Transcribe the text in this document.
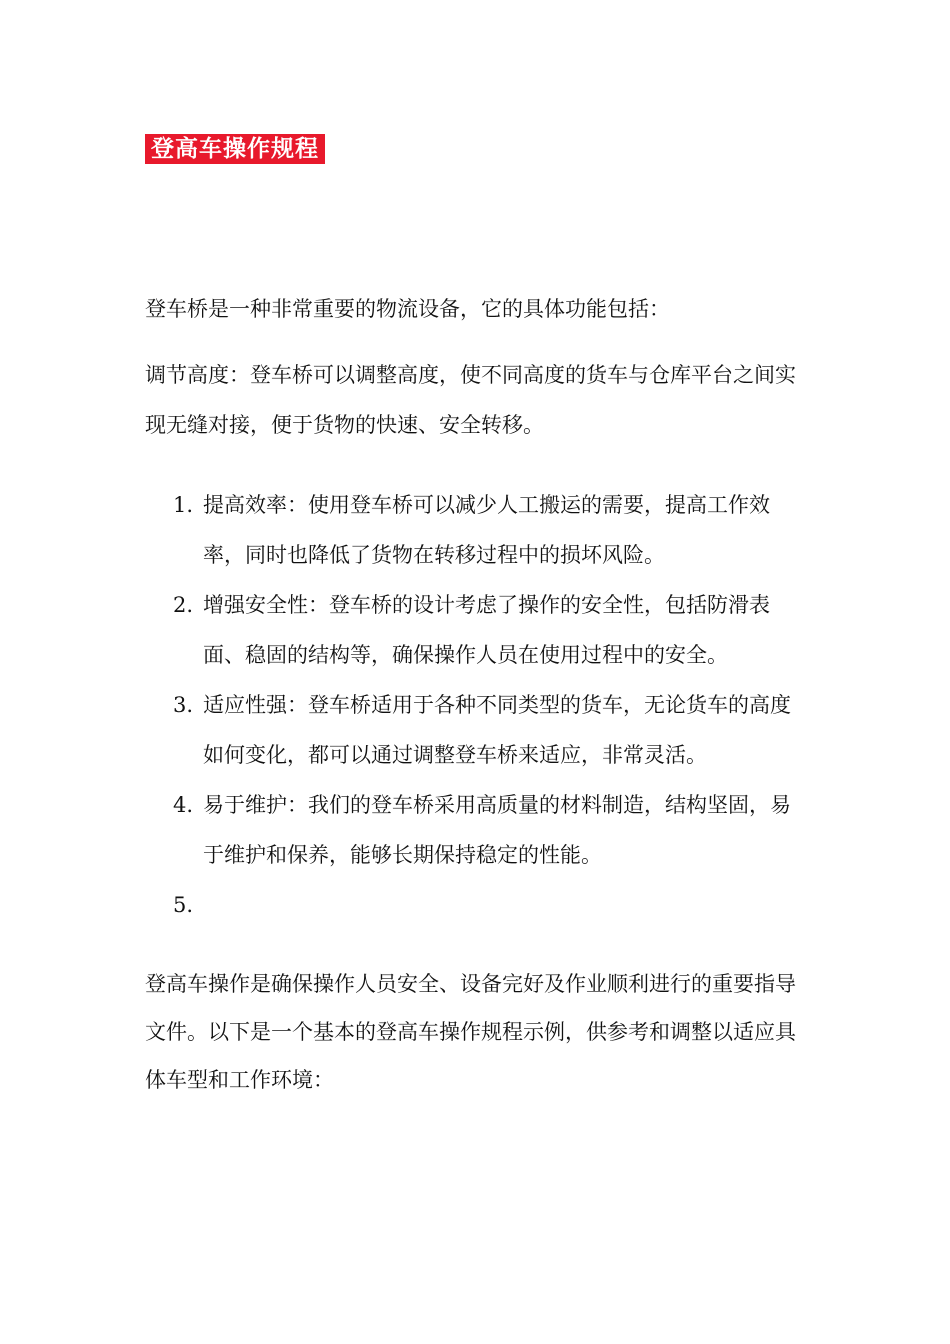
登高车操作规程

登车桥是一种非常重要的物流设备，它的具体功能包括：

调节高度：登车桥可以调整高度，使不同高度的货车与仓库平台之间实现无缝对接，便于货物的快速、安全转移。

1. 提高效率：使用登车桥可以减少人工搬运的需要，提高工作效率，同时也降低了货物在转移过程中的损坏风险。
2. 增强安全性：登车桥的设计考虑了操作的安全性，包括防滑表面、稳固的结构等，确保操作人员在使用过程中的安全。
3. 适应性强：登车桥适用于各种不同类型的货车，无论货车的高度如何变化，都可以通过调整登车桥来适应，非常灵活。
4. 易于维护：我们的登车桥采用高质量的材料制造，结构坚固，易于维护和保养，能够长期保持稳定的性能。
5.

登高车操作是确保操作人员安全、设备完好及作业顺利进行的重要指导文件。以下是一个基本的登高车操作规程示例，供参考和调整以适应具体车型和工作环境：
